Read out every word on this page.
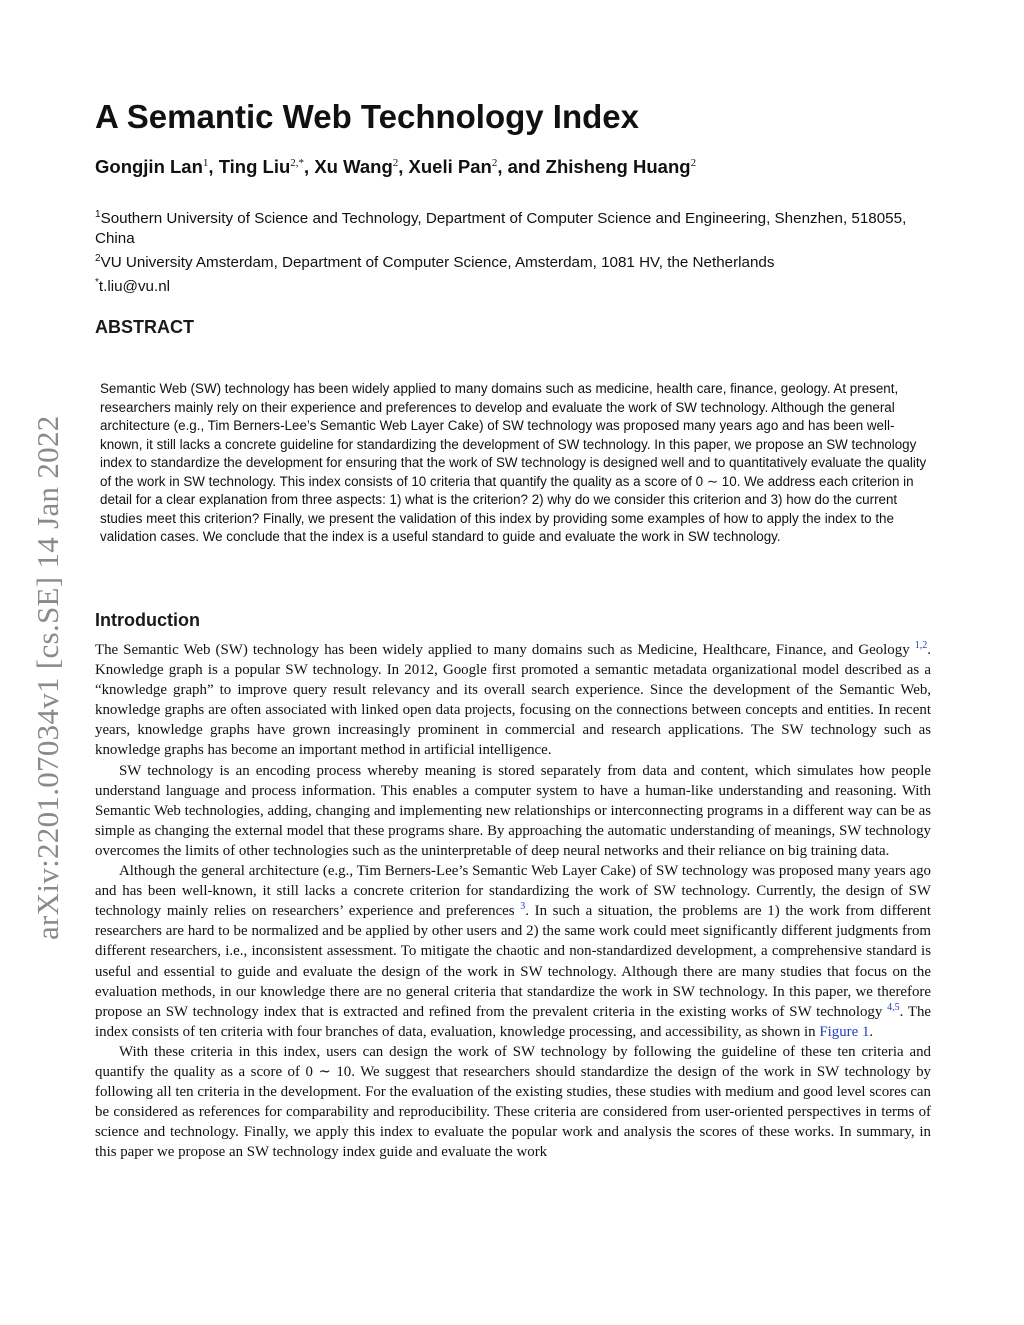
arXiv:2201.07034v1 [cs.SE] 14 Jan 2022
A Semantic Web Technology Index
Gongjin Lan$^1$, Ting Liu$^{2,*}$, Xu Wang$^2$, Xueli Pan$^2$, and Zhisheng Huang$^2$
$^1$Southern University of Science and Technology, Department of Computer Science and Engineering, Shenzhen, 518055, China
$^2$VU University Amsterdam, Department of Computer Science, Amsterdam, 1081 HV, the Netherlands
*t.liu@vu.nl
ABSTRACT

Semantic Web (SW) technology has been widely applied to many domains such as medicine, health care, finance, geology. At present, researchers mainly rely on their experience and preferences to develop and evaluate the work of SW technology. Although the general architecture (e.g., Tim Berners-Lee’s Semantic Web Layer Cake) of SW technology was proposed many years ago and has been well-known, it still lacks a concrete guideline for standardizing the development of SW technology. In this paper, we propose an SW technology index to standardize the development for ensuring that the work of SW technology is designed well and to quantitatively evaluate the quality of the work in SW technology. This index consists of 10 criteria that quantify the quality as a score of 0 ∼ 10. We address each criterion in detail for a clear explanation from three aspects: 1) what is the criterion? 2) why do we consider this criterion and 3) how do the current studies meet this criterion? Finally, we present the validation of this index by providing some examples of how to apply the index to the validation cases. We conclude that the index is a useful standard to guide and evaluate the work in SW technology.

Introduction

The Semantic Web (SW) technology has been widely applied to many domains such as Medicine, Healthcare, Finance, and Geology $^{1,2}$. Knowledge graph is a popular SW technology. In 2012, Google first promoted a semantic metadata organizational model described as a “knowledge graph” to improve query result relevancy and its overall search experience. Since the development of the Semantic Web, knowledge graphs are often associated with linked open data projects, focusing on the connections between concepts and entities. In recent years, knowledge graphs have grown increasingly prominent in commercial and research applications. The SW technology such as knowledge graphs has become an important method in artificial intelligence.

SW technology is an encoding process whereby meaning is stored separately from data and content, which simulates how people understand language and process information. This enables a computer system to have a human-like understanding and reasoning. With Semantic Web technologies, adding, changing and implementing new relationships or interconnecting programs in a different way can be as simple as changing the external model that these programs share. By approaching the automatic understanding of meanings, SW technology overcomes the limits of other technologies such as the uninterpretable of deep neural networks and their reliance on big training data.

Although the general architecture (e.g., Tim Berners-Lee’s Semantic Web Layer Cake) of SW technology was proposed many years ago and has been well-known, it still lacks a concrete criterion for standardizing the work of SW technology. Currently, the design of SW technology mainly relies on researchers’ experience and preferences $^3$. In such a situation, the problems are 1) the work from different researchers are hard to be normalized and be applied by other users and 2) the same work could meet significantly different judgments from different researchers, i.e., inconsistent assessment. To mitigate the chaotic and non-standardized development, a comprehensive standard is useful and essential to guide and evaluate the design of the work in SW technology. Although there are many studies that focus on the evaluation methods, in our knowledge there are no general criteria that standardize the work in SW technology. In this paper, we therefore propose an SW technology index that is extracted and refined from the prevalent criteria in the existing works of SW technology $^{4,5}$. The index consists of ten criteria with four branches of data, evaluation, knowledge processing, and accessibility, as shown in Figure 1.

With these criteria in this index, users can design the work of SW technology by following the guideline of these ten criteria and quantify the quality as a score of 0 ∼ 10. We suggest that researchers should standardize the design of the work in SW technology by following all ten criteria in the development. For the evaluation of the existing studies, these studies with medium and good level scores can be considered as references for comparability and reproducibility. These criteria are considered from user-oriented perspectives in terms of science and technology. Finally, we apply this index to evaluate the popular work and analysis the scores of these works. In summary, in this paper we propose an SW technology index guide and evaluate the work
